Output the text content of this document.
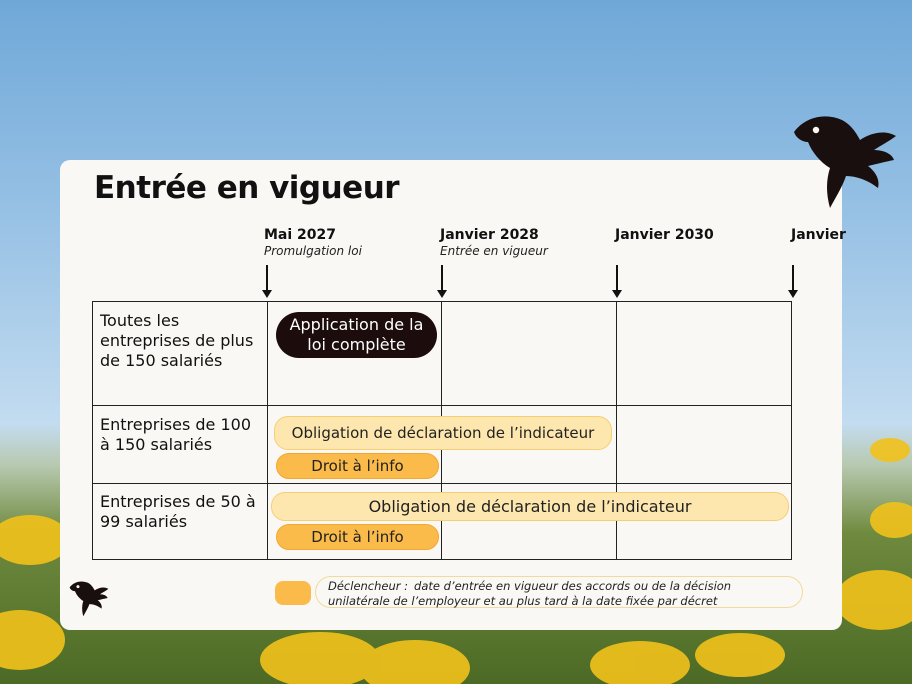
Entrée en vigueur
Mai 2027
Promulgation loi
Janvier 2028
Entrée en vigueur
Janvier 2030	Janvier
Toutes les entreprises de plus de 150 salariés
Entreprises de 100 à 150 salariés
Entreprises de 50 à 99 salariés
Application de la loi complète
Obligation de déclaration de l’indicateur
Droit à l’info
Obligation de déclaration de l’indicateur
Droit à l’info
Déclencheur : date d’entrée en vigueur des accords ou de la décision unilatérale de l’employeur et au plus tard à la date fixée par décret
